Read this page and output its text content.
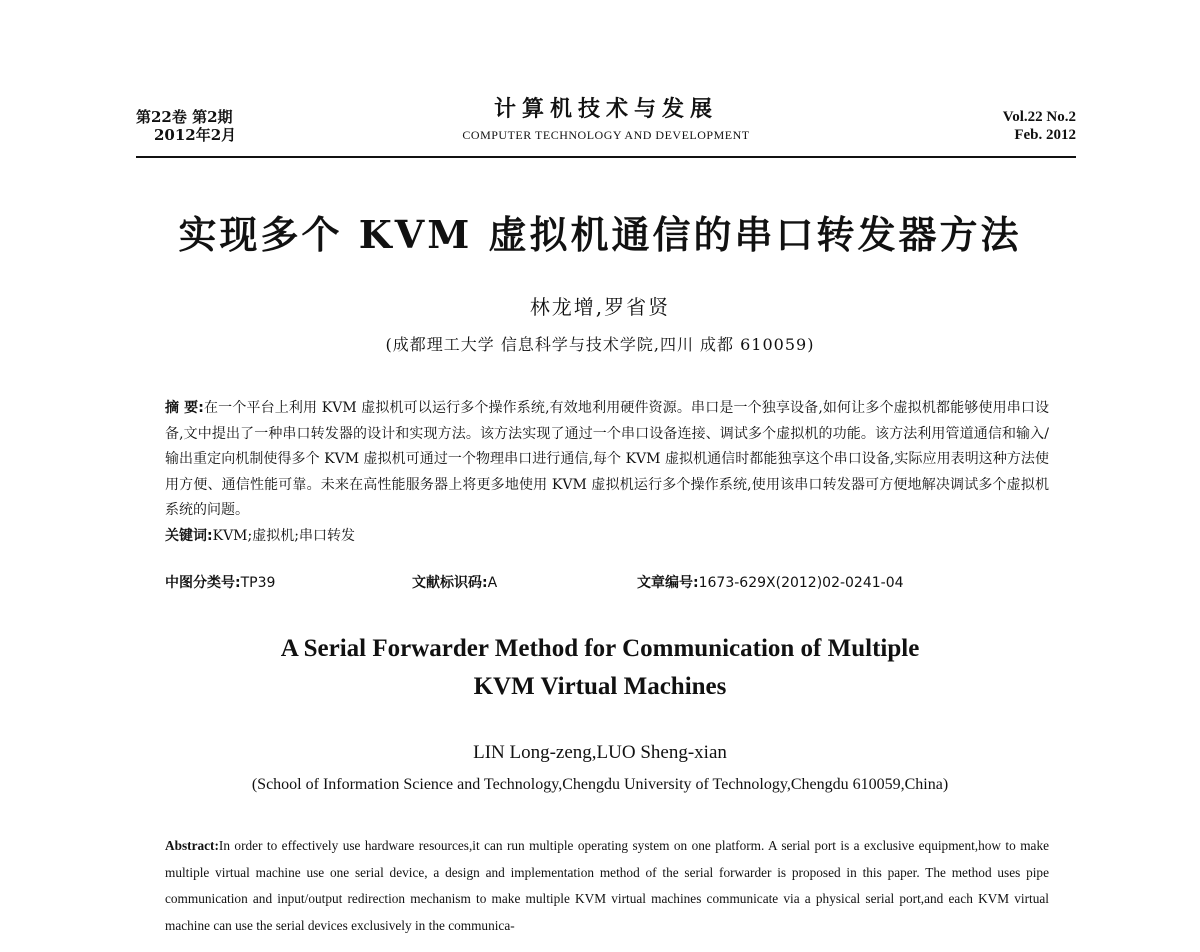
第22卷 第2期
2012年2月
计算机技术与发展
COMPUTER TECHNOLOGY AND DEVELOPMENT
Vol.22 No.2
Feb. 2012
实现多个 KVM 虚拟机通信的串口转发器方法
林龙增,罗省贤
(成都理工大学 信息科学与技术学院,四川 成都 610059)
摘 要:在一个平台上利用 KVM 虚拟机可以运行多个操作系统,有效地利用硬件资源。串口是一个独享设备,如何让多个虚拟机都能够使用串口设备,文中提出了一种串口转发器的设计和实现方法。该方法实现了通过一个串口设备连接、调试多个虚拟机的功能。该方法利用管道通信和输入/输出重定向机制使得多个 KVM 虚拟机可通过一个物理串口进行通信,每个 KVM 虚拟机通信时都能独享这个串口设备,实际应用表明这种方法使用方便、通信性能可靠。未来在高性能服务器上将更多地使用 KVM 虚拟机运行多个操作系统,使用该串口转发器可方便地解决调试多个虚拟机系统的问题。
关键词:KVM;虚拟机;串口转发
中图分类号:TP39	文献标识码:A	文章编号:1673-629X(2012)02-0241-04
A Serial Forwarder Method for Communication of Multiple
KVM Virtual Machines
LIN Long-zeng,LUO Sheng-xian
(School of Information Science and Technology,Chengdu University of Technology,Chengdu 610059,China)
Abstract:In order to effectively use hardware resources,it can run multiple operating system on one platform. A serial port is a exclusive equipment,how to make multiple virtual machine use one serial device, a design and implementation method of the serial forwarder is proposed in this paper. The method uses pipe communication and input/output redirection mechanism to make multiple KVM virtual machines communicate via a physical serial port,and each KVM virtual machine can use the serial devices exclusively in the communica-
